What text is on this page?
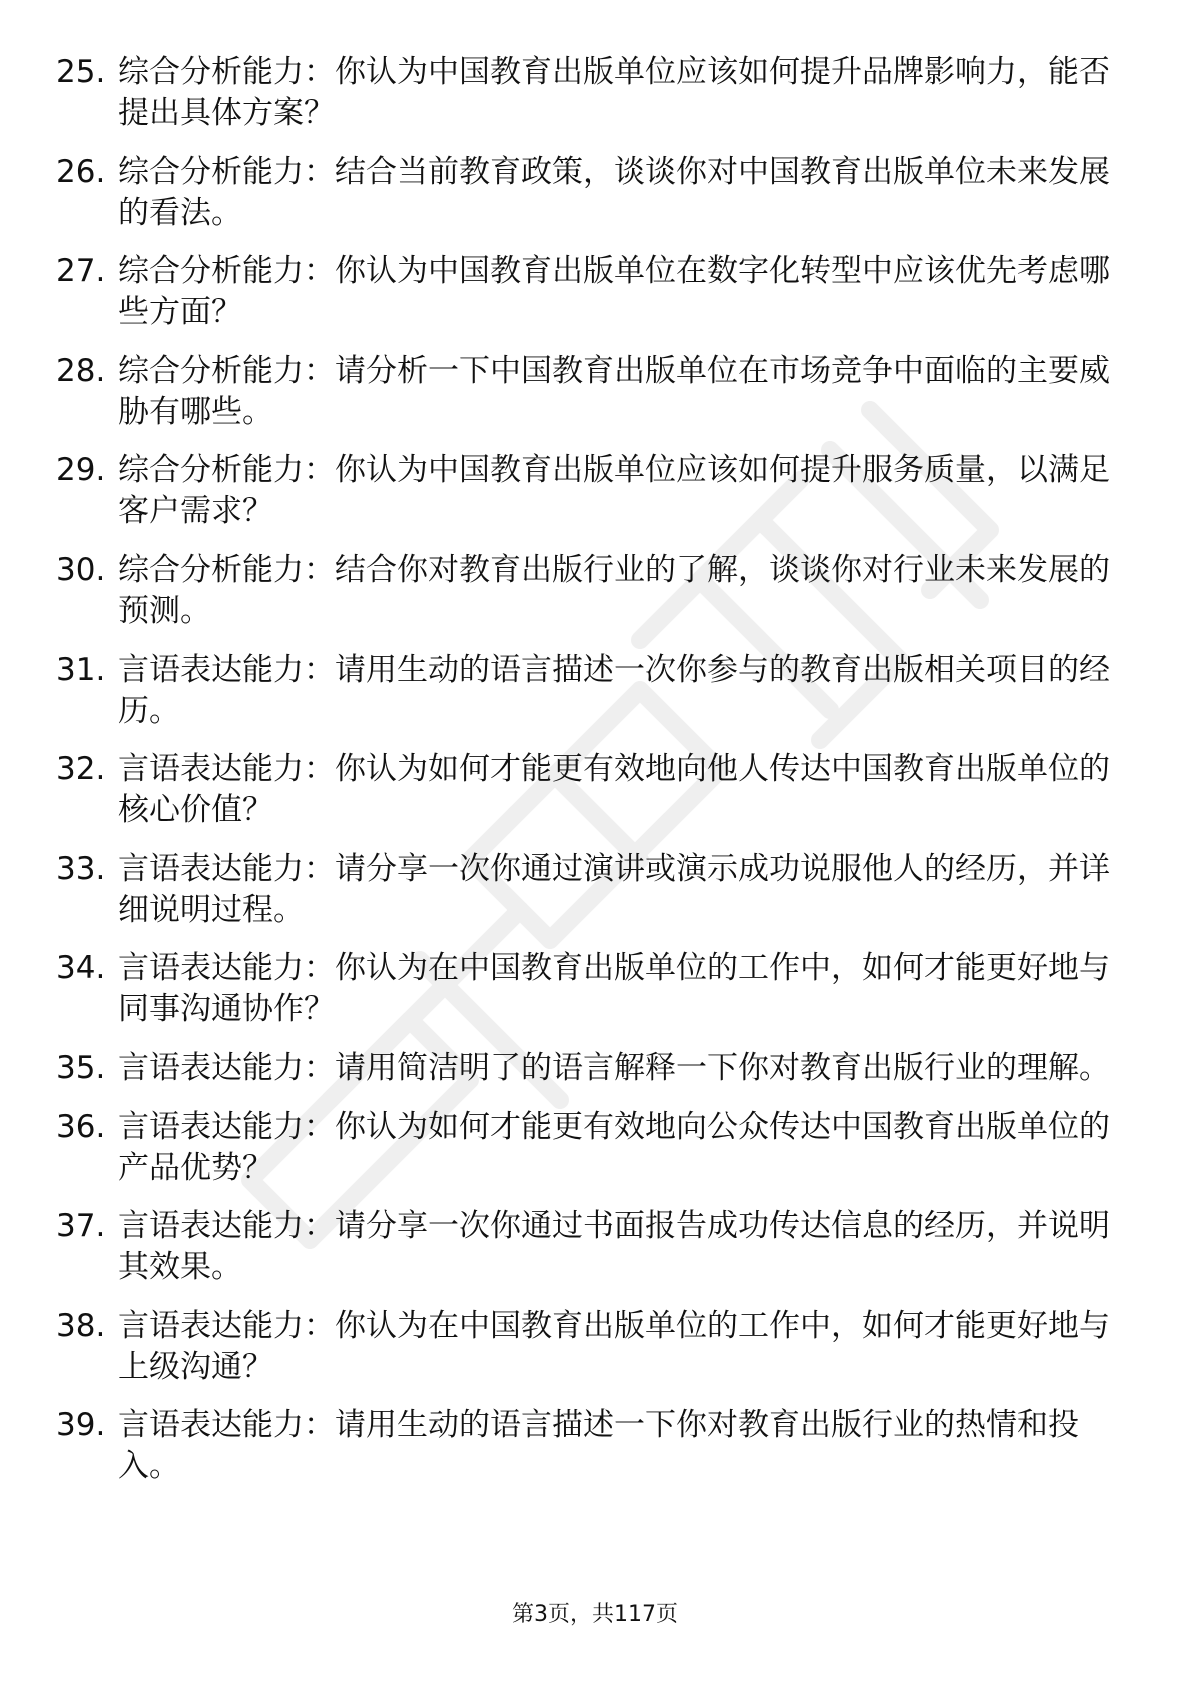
25. 综合分析能力：你认为中国教育出版单位应该如何提升品牌影响力，能否提出具体方案？
26. 综合分析能力：结合当前教育政策，谈谈你对中国教育出版单位未来发展的看法。
27. 综合分析能力：你认为中国教育出版单位在数字化转型中应该优先考虑哪些方面？
28. 综合分析能力：请分析一下中国教育出版单位在市场竞争中面临的主要威胁有哪些。
29. 综合分析能力：你认为中国教育出版单位应该如何提升服务质量，以满足客户需求？
30. 综合分析能力：结合你对教育出版行业的了解，谈谈你对行业未来发展的预测。
31. 言语表达能力：请用生动的语言描述一次你参与的教育出版相关项目的经历。
32. 言语表达能力：你认为如何才能更有效地向他人传达中国教育出版单位的核心价值？
33. 言语表达能力：请分享一次你通过演讲或演示成功说服他人的经历，并详细说明过程。
34. 言语表达能力：你认为在中国教育出版单位的工作中，如何才能更好地与同事沟通协作？
35. 言语表达能力：请用简洁明了的语言解释一下你对教育出版行业的理解。
36. 言语表达能力：你认为如何才能更有效地向公众传达中国教育出版单位的产品优势？
37. 言语表达能力：请分享一次你通过书面报告成功传达信息的经历，并说明其效果。
38. 言语表达能力：你认为在中国教育出版单位的工作中，如何才能更好地与上级沟通？
39. 言语表达能力：请用生动的语言描述一下你对教育出版行业的热情和投入。
第3页，共117页
